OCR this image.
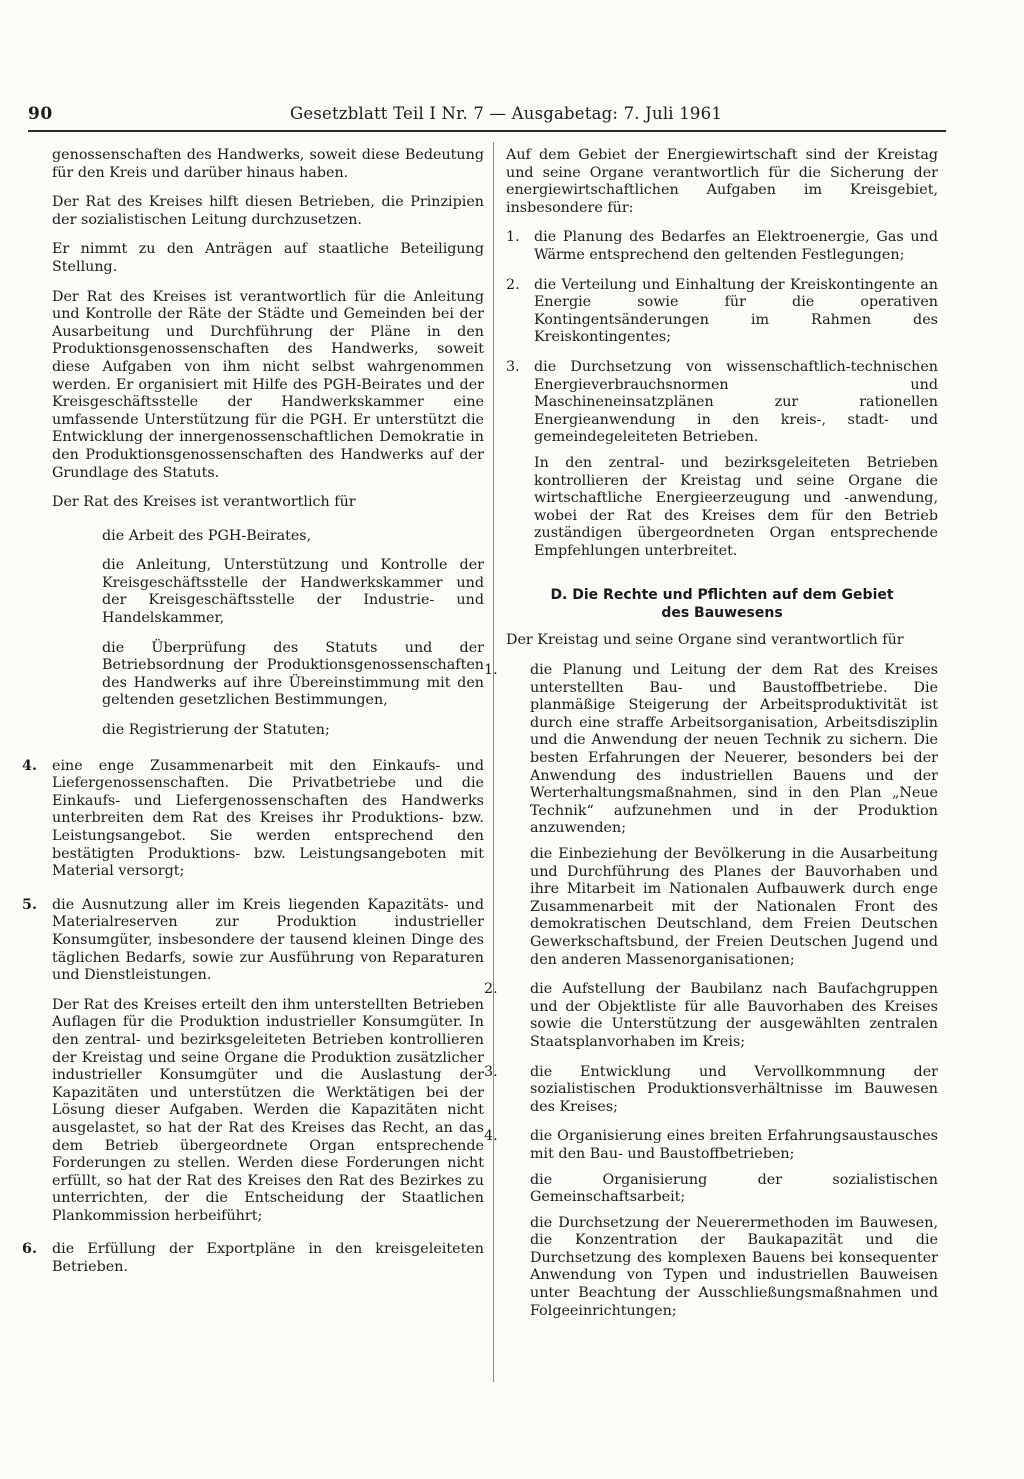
90	Gesetzblatt Teil I Nr. 7 — Ausgabetag: 7. Juli 1961

genossenschaften des Handwerks, soweit diese Bedeutung für den Kreis und darüber hinaus haben.

Der Rat des Kreises hilft diesen Betrieben, die Prinzipien der sozialistischen Leitung durchzusetzen.

Er nimmt zu den Anträgen auf staatliche Beteiligung Stellung.

Der Rat des Kreises ist verantwortlich für die Anleitung und Kontrolle der Räte der Städte und Gemeinden bei der Ausarbeitung und Durchführung der Pläne in den Produktionsgenossenschaften des Handwerks, soweit diese Aufgaben von ihm nicht selbst wahrgenommen werden. Er organisiert mit Hilfe des PGH-Beirates und der Kreisgeschäftsstelle der Handwerkskammer eine umfassende Unterstützung für die PGH. Er unterstützt die Entwicklung der innergenossenschaftlichen Demokratie in den Produktionsgenossenschaften des Handwerks auf der Grundlage des Statuts.

Der Rat des Kreises ist verantwortlich für

die Arbeit des PGH-Beirates,

die Anleitung, Unterstützung und Kontrolle der Kreisgeschäftsstelle der Handwerkskammer und der Kreisgeschäftsstelle der Industrie- und Handelskammer,

die Überprüfung des Statuts und der Betriebsordnung der Produktionsgenossenschaften des Handwerks auf ihre Übereinstimmung mit den geltenden gesetzlichen Bestimmungen,

die Registrierung der Statuten;

4. eine enge Zusammenarbeit mit den Einkaufs- und Liefergenossenschaften. Die Privatbetriebe und die Einkaufs- und Liefergenossenschaften des Handwerks unterbreiten dem Rat des Kreises ihr Produktions- bzw. Leistungsangebot. Sie werden entsprechend den bestätigten Produktions- bzw. Leistungsangeboten mit Material versorgt;

5. die Ausnutzung aller im Kreis liegenden Kapazitäts- und Materialreserven zur Produktion industrieller Konsumgüter, insbesondere der tausend kleinen Dinge des täglichen Bedarfs, sowie zur Ausführung von Reparaturen und Dienstleistungen.

Der Rat des Kreises erteilt den ihm unterstellten Betrieben Auflagen für die Produktion industrieller Konsumgüter. In den zentral- und bezirksgeleiteten Betrieben kontrollieren der Kreistag und seine Organe die Produktion zusätzlicher industrieller Konsumgüter und die Auslastung der Kapazitäten und unterstützen die Werktätigen bei der Lösung dieser Aufgaben. Werden die Kapazitäten nicht ausgelastet, so hat der Rat des Kreises das Recht, an das dem Betrieb übergeordnete Organ entsprechende Forderungen zu stellen. Werden diese Forderungen nicht erfüllt, so hat der Rat des Kreises den Rat des Bezirkes zu unterrichten, der die Entscheidung der Staatlichen Plankommission herbeiführt;

6. die Erfüllung der Exportpläne in den kreisgeleiteten Betrieben.

Auf dem Gebiet der Energiewirtschaft sind der Kreistag und seine Organe verantwortlich für die Sicherung der energiewirtschaftlichen Aufgaben im Kreisgebiet, insbesondere für:

1. die Planung des Bedarfes an Elektroenergie, Gas und Wärme entsprechend den geltenden Festlegungen;

2. die Verteilung und Einhaltung der Kreiskontingente an Energie sowie für die operativen Kontingentsänderungen im Rahmen des Kreiskontingentes;

3. die Durchsetzung von wissenschaftlich-technischen Energieverbrauchsnormen und Maschineneinsatzplänen zur rationellen Energieanwendung in den kreis-, stadt- und gemeindegeleiteten Betrieben.

In den zentral- und bezirksgeleiteten Betrieben kontrollieren der Kreistag und seine Organe die wirtschaftliche Energieerzeugung und -anwendung, wobei der Rat des Kreises dem für den Betrieb zuständigen übergeordneten Organ entsprechende Empfehlungen unterbreitet.

D. Die Rechte und Pflichten auf dem Gebiet
des Bauwesens

Der Kreistag und seine Organe sind verantwortlich für

1. die Planung und Leitung der dem Rat des Kreises unterstellten Bau- und Baustoffbetriebe. Die planmäßige Steigerung der Arbeitsproduktivität ist durch eine straffe Arbeitsorganisation, Arbeitsdisziplin und die Anwendung der neuen Technik zu sichern. Die besten Erfahrungen der Neuerer, besonders bei der Anwendung des industriellen Bauens und der Werterhaltungsmaßnahmen, sind in den Plan „Neue Technik“ aufzunehmen und in der Produktion anzuwenden;

die Einbeziehung der Bevölkerung in die Ausarbeitung und Durchführung des Planes der Bauvorhaben und ihre Mitarbeit im Nationalen Aufbauwerk durch enge Zusammenarbeit mit der Nationalen Front des demokratischen Deutschland, dem Freien Deutschen Gewerkschaftsbund, der Freien Deutschen Jugend und den anderen Massenorganisationen;

2. die Aufstellung der Baubilanz nach Baufachgruppen und der Objektliste für alle Bauvorhaben des Kreises sowie die Unterstützung der ausgewählten zentralen Staatsplanvorhaben im Kreis;

3. die Entwicklung und Vervollkommnung der sozialistischen Produktionsverhältnisse im Bauwesen des Kreises;

4. die Organisierung eines breiten Erfahrungsaustausches mit den Bau- und Baustoffbetrieben;

die Organisierung der sozialistischen Gemeinschaftsarbeit;

die Durchsetzung der Neuerermethoden im Bauwesen, die Konzentration der Baukapazität und die Durchsetzung des komplexen Bauens bei konsequenter Anwendung von Typen und industriellen Bauweisen unter Beachtung der Ausschließungsmaßnahmen und Folgeeinrichtungen;
